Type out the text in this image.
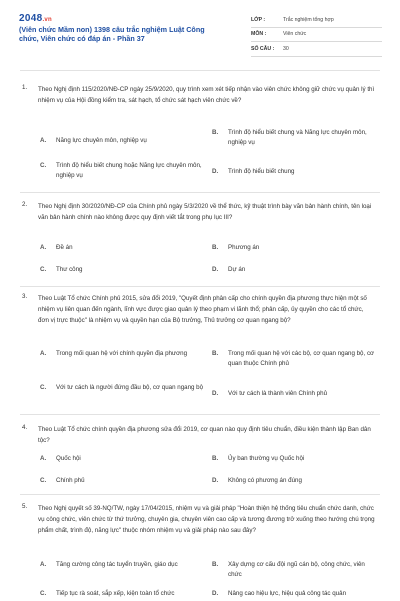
2048.vn
(Viên chức Mầm non) 1398 câu trắc nghiệm Luật Công chức, Viên chức có đáp án - Phần 37
LỚP :	Trắc nghiệm tổng hợp
MÔN :	Viên chức
SỐ CÂU :	30
1. Theo Nghị định 115/2020/NĐ-CP ngày 25/9/2020, quy trình xem xét tiếp nhận vào viên chức không giữ chức vụ quản lý thì nhiệm vụ của Hội đồng kiểm tra, sát hạch, tổ chức sát hạch viên chức về?
A. Năng lực chuyên môn, nghiệp vụ
B. Trình độ hiểu biết chung và Năng lực chuyên môn, nghiệp vụ
C. Trình độ hiểu biết chung hoặc Năng lực chuyên môn, nghiệp vụ
D. Trình độ hiểu biết chung
2. Theo Nghị định 30/2020/NĐ-CP của Chính phủ ngày 5/3/2020 về thể thức, kỹ thuật trình bày văn bản hành chính, tên loại văn bản hành chính nào không được quy định viết tắt trong phụ lục III?
A. Đề án	B. Phương án
C. Thư công	D. Dự án
3. Theo Luật Tổ chức Chính phủ 2015, sửa đổi 2019, "Quyết định phân cấp cho chính quyền địa phương thực hiện một số nhiệm vụ liên quan đến ngành, lĩnh vực được giao quản lý theo phạm vi lãnh thổ; phân cấp, ủy quyền cho các tổ chức, đơn vị trực thuộc" là nhiệm vụ và quyền hạn của Bộ trưởng, Thủ trưởng cơ quan ngang bộ?
A. Trong mối quan hệ với chính quyền địa phương	B. Trong mối quan hệ với các bộ, cơ quan ngang bộ, cơ quan thuộc Chính phủ
C. Với tư cách là người đứng đầu bộ, cơ quan ngang bộ
D. Với tư cách là thành viên Chính phủ
4. Theo Luật Tổ chức chính quyền địa phương sửa đổi 2019, cơ quan nào quy định tiêu chuẩn, điều kiện thành lập Ban dân tộc?
A. Quốc hội	B. Ủy ban thường vụ Quốc hội
C. Chính phủ	D. Không có phương án đúng
5. Theo Nghị quyết số 39-NQ/TW, ngày 17/04/2015, nhiệm vụ và giải pháp "Hoàn thiện hệ thống tiêu chuẩn chức danh, chức vụ công chức, viên chức từ thứ trưởng, chuyên gia, chuyên viên cao cấp và tương đương trở xuống theo hướng chú trọng phẩm chất, trình độ, năng lực" thuộc nhóm nhiệm vụ và giải pháp nào sau đây?
A. Tăng cường công tác tuyển truyền, giáo dục	B. Xây dựng cơ cấu đội ngũ cán bộ, công chức, viên chức
C. Tiếp tục rà soát, sắp xếp, kiện toàn tổ chức	D. Nâng cao hiệu lực, hiệu quả công tác quản
